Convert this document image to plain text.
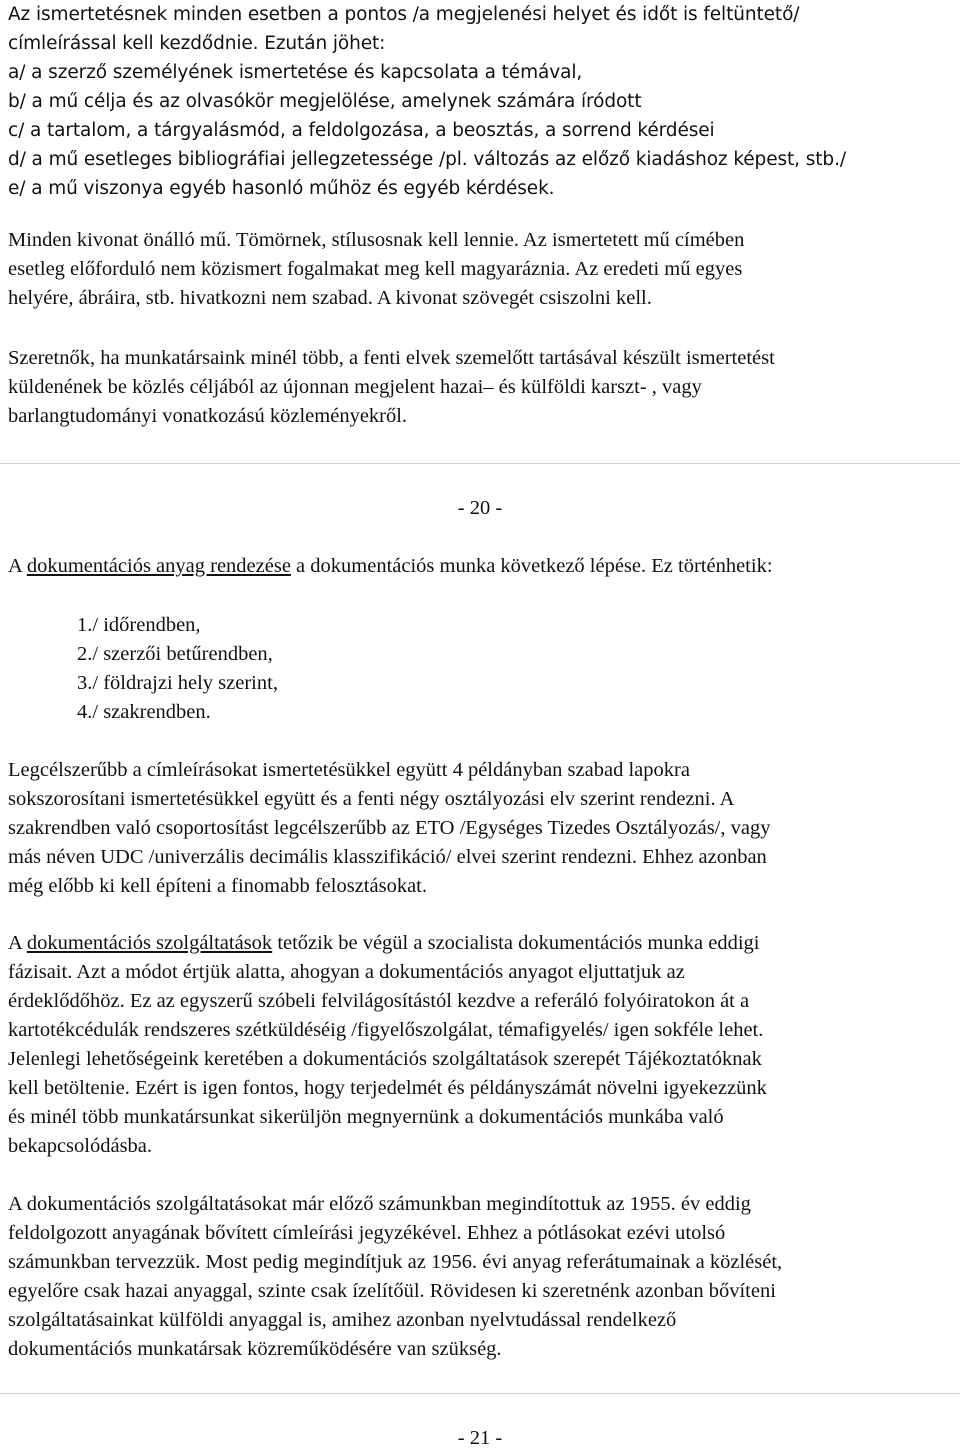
Az ismertetésnek minden esetben a pontos /a megjelenési helyet és időt is feltüntető/
címleírással kell kezdődnie. Ezután jöhet:
a/ a szerző személyének ismertetése és kapcsolata a témával,
b/ a mű célja és az olvasókör megjelölése, amelynek számára íródott
c/ a tartalom, a tárgyalásmód, a feldolgozása, a beosztás, a sorrend kérdései
d/ a mű esetleges bibliográfiai jellegzetessége /pl. változás az előző kiadáshoz képest, stb./
e/ a mű viszonya egyéb hasonló műhöz és egyéb kérdések.
Minden kivonat önálló mű. Tömörnek, stílusosnak kell lennie. Az ismertetett mű címében
esetleg előforduló nem közismert fogalmakat meg kell magyaráznia. Az eredeti mű egyes
helyére, ábráira, stb. hivatkozni nem szabad. A kivonat szövegét csiszolni kell.
Szeretnők, ha munkatársaink minél több, a fenti elvek szemelőtt tartásával készült ismertetést
küldenének be közlés céljából az újonnan megjelent hazai– és külföldi karszt- , vagy
barlangtudományi vonatkozású közleményekről.
- 20 -
A dokumentációs anyag rendezése a dokumentációs munka következő lépése. Ez történhetik:
1./ időrendben,
2./ szerzői betűrendben,
3./ földrajzi hely szerint,
4./ szakrendben.
Legcélszerűbb a címleírásokat ismertetésükkel együtt 4 példányban szabad lapokra
sokszorosítani ismertetésükkel együtt és a fenti négy osztályozási elv szerint rendezni. A
szakrendben való csoportosítást legcélszerűbb az ETO /Egységes Tizedes Osztályozás/, vagy
más néven UDC /univerzális decimális klasszifikáció/ elvei szerint rendezni. Ehhez azonban
még előbb ki kell építeni a finomabb felosztásokat.
A dokumentációs szolgáltatások tetőzik be végül a szocialista dokumentációs munka eddigi
fázisait. Azt a módot értjük alatta, ahogyan a dokumentációs anyagot eljuttatjuk az
érdeklődőhöz. Ez az egyszerű szóbeli felvilágosítástól kezdve a referáló folyóiratokon át a
kartotékcédulák rendszeres szétküldéséig /figyelőszolgálat, témafigyelés/ igen sokféle lehet.
Jelenlegi lehetőségeink keretében a dokumentációs szolgáltatások szerepét Tájékoztatóknak
kell betöltenie. Ezért is igen fontos, hogy terjedelmét és példányszámát növelni igyekezzünk
és minél több munkatársunkat sikerüljön megnyernünk a dokumentációs munkába való
bekapcsolódásba.
A dokumentációs szolgáltatásokat már előző számunkban megindítottuk az 1955. év eddig
feldolgozott anyagának bővített címleírási jegyzékével. Ehhez a pótlásokat ezévi utolsó
számunkban tervezzük. Most pedig megindítjuk az 1956. évi anyag referátumainak a közlését,
egyelőre csak hazai anyaggal, szinte csak ízelítőül. Rövidesen ki szeretnénk azonban bővíteni
szolgáltatásainkat külföldi anyaggal is, amihez azonban nyelvtudással rendelkező
dokumentációs munkatársak közreműködésére van szükség.
- 21 -
